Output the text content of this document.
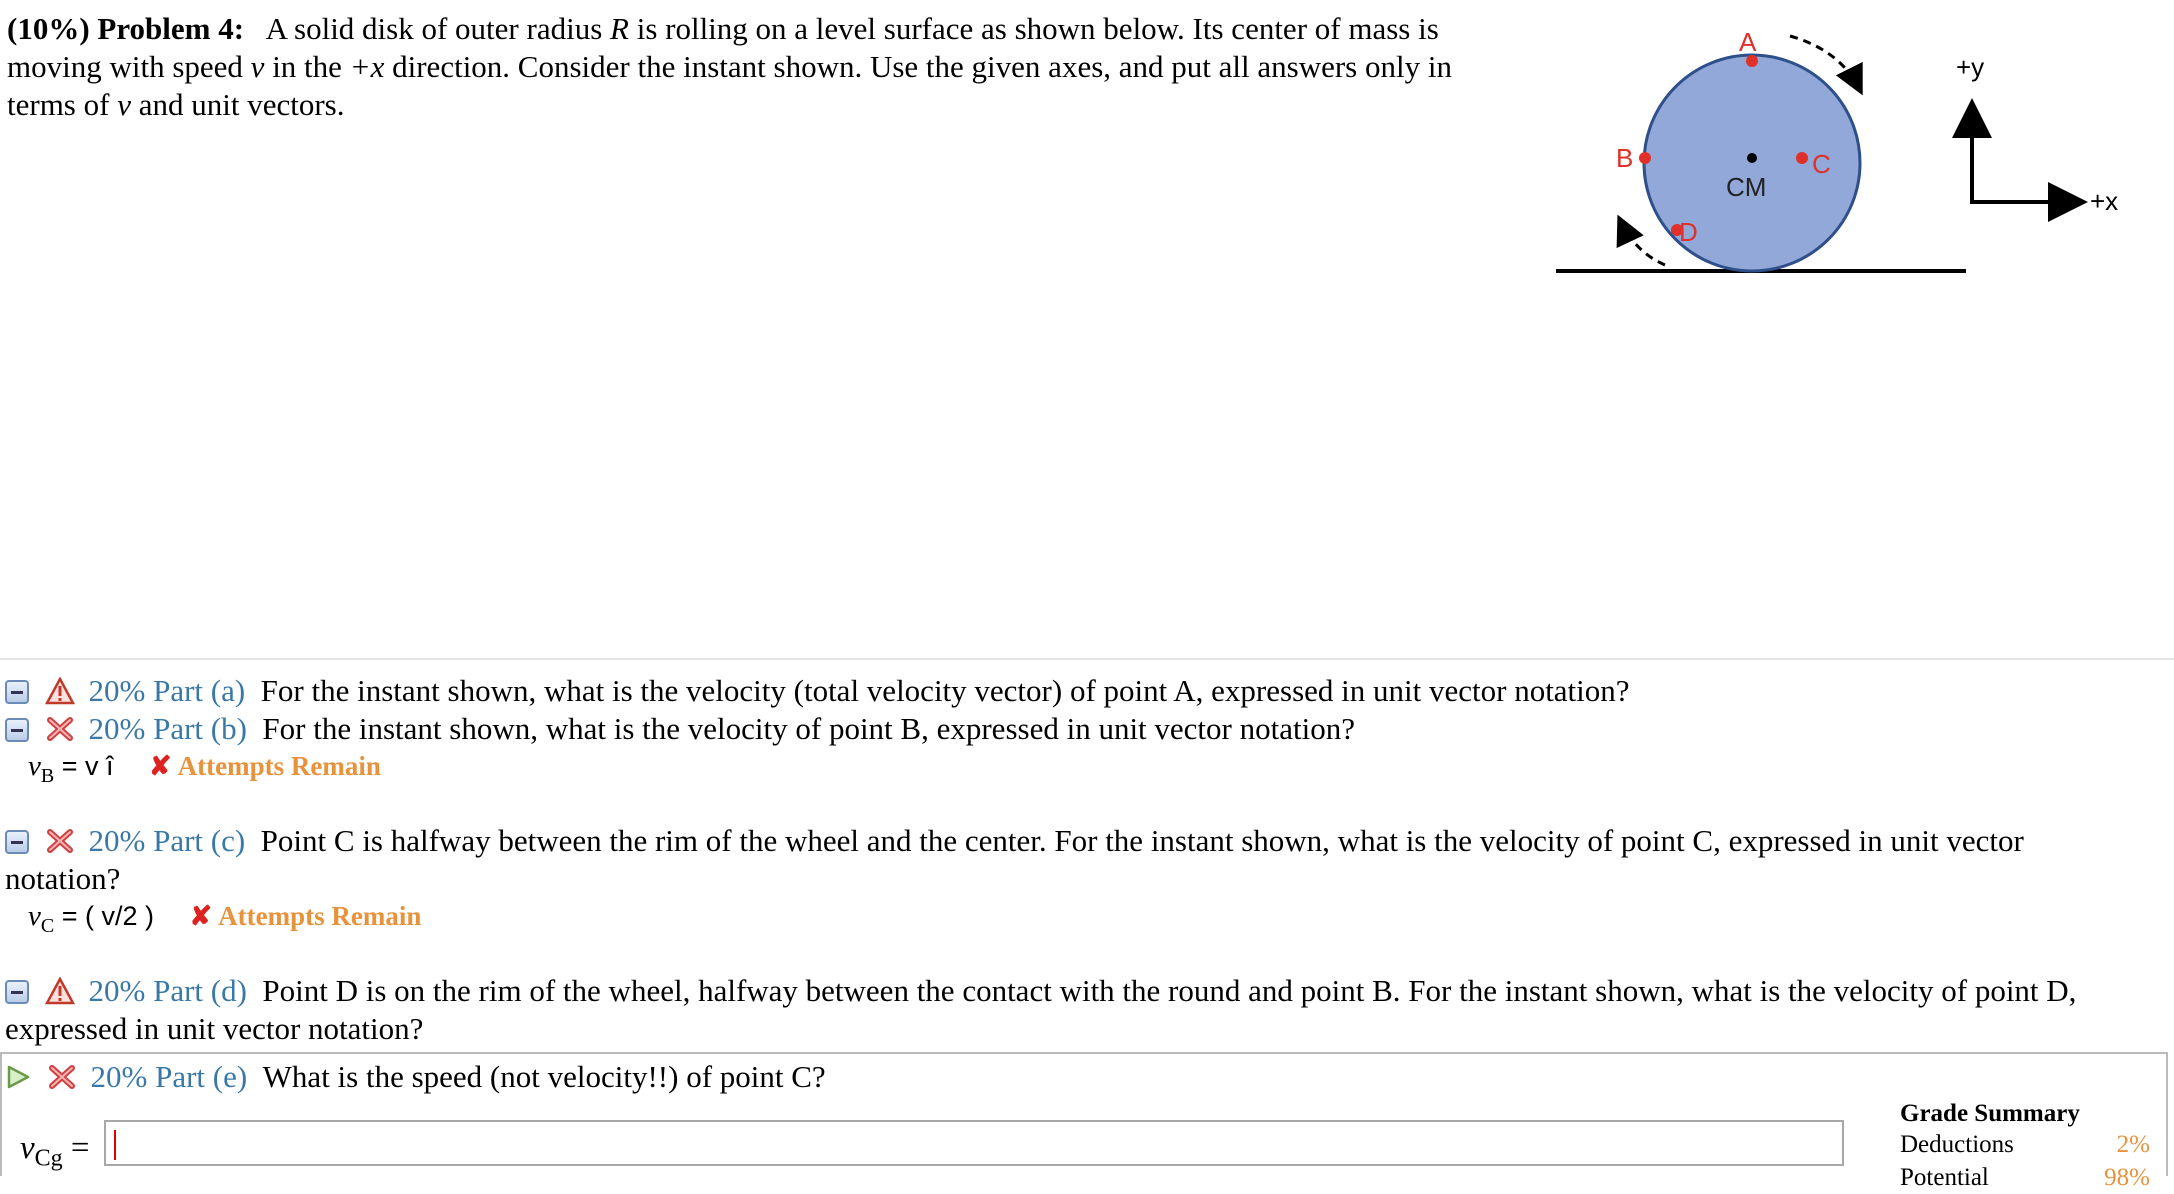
(10%) Problem 4: A solid disk of outer radius R is rolling on a level surface as shown below. Its center of mass is moving with speed v in the +x direction. Consider the instant shown. Use the given axes, and put all answers only in terms of v and unit vectors.
CM
A
B	C
D
+y
+x
20% Part (a) For the instant shown, what is the velocity (total velocity vector) of point A, expressed in unit vector notation?
20% Part (b) For the instant shown, what is the velocity of point B, expressed in unit vector notation?
$v_B = v$ î ✘ Attempts Remain
20% Part (c) Point C is halfway between the rim of the wheel and the center. For the instant shown, what is the velocity of point C, expressed in unit vector notation?
$v_C$ = ( v/2 ) ✘ Attempts Remain
20% Part (d) Point D is on the rim of the wheel, halfway between the contact with the round and point B. For the instant shown, what is the velocity of point D, expressed in unit vector notation?
20% Part (e) What is the speed (not velocity!!) of point C?
$v_{Cg}$ =
Grade Summary
Deductions	2%
Potential	98%
